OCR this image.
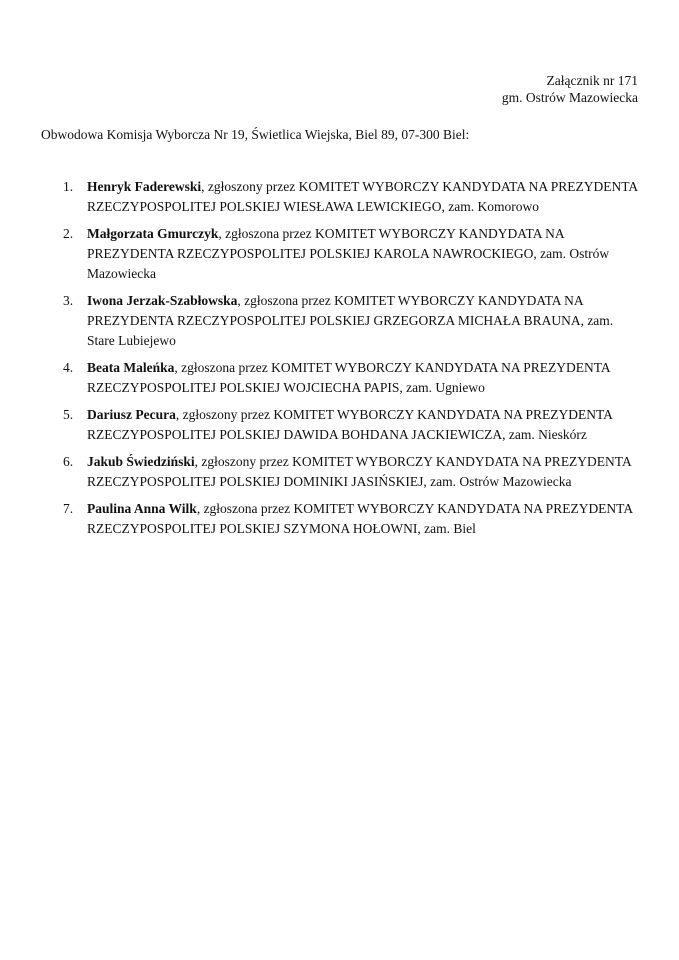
Załącznik nr 171
gm. Ostrów Mazowiecka
Obwodowa Komisja Wyborcza Nr 19, Świetlica Wiejska, Biel 89, 07-300 Biel:
1.	Henryk Faderewski, zgłoszony przez KOMITET WYBORCZY KANDYDATA NA PREZYDENTA RZECZYPOSPOLITEJ POLSKIEJ WIESŁAWA LEWICKIEGO, zam. Komorowo
2.	Małgorzata Gmurczyk, zgłoszona przez KOMITET WYBORCZY KANDYDATA NA PREZYDENTA RZECZYPOSPOLITEJ POLSKIEJ KAROLA NAWROCKIEGO, zam. Ostrów Mazowiecka
3.	Iwona Jerzak-Szabłowska, zgłoszona przez KOMITET WYBORCZY KANDYDATA NA PREZYDENTA RZECZYPOSPOLITEJ POLSKIEJ GRZEGORZA MICHAŁA BRAUNA, zam. Stare Lubiejewo
4.	Beata Maleńka, zgłoszona przez KOMITET WYBORCZY KANDYDATA NA PREZYDENTA RZECZYPOSPOLITEJ POLSKIEJ WOJCIECHA PAPIS, zam. Ugniewo
5.	Dariusz Pecura, zgłoszony przez KOMITET WYBORCZY KANDYDATA NA PREZYDENTA RZECZYPOSPOLITEJ POLSKIEJ DAWIDA BOHDANA JACKIEWICZA, zam. Nieskórz
6.	Jakub Świedziński, zgłoszony przez KOMITET WYBORCZY KANDYDATA NA PREZYDENTA RZECZYPOSPOLITEJ POLSKIEJ DOMINIKI JASIŃSKIEJ, zam. Ostrów Mazowiecka
7.	Paulina Anna Wilk, zgłoszona przez KOMITET WYBORCZY KANDYDATA NA PREZYDENTA RZECZYPOSPOLITEJ POLSKIEJ SZYMONA HOŁOWNI, zam. Biel
